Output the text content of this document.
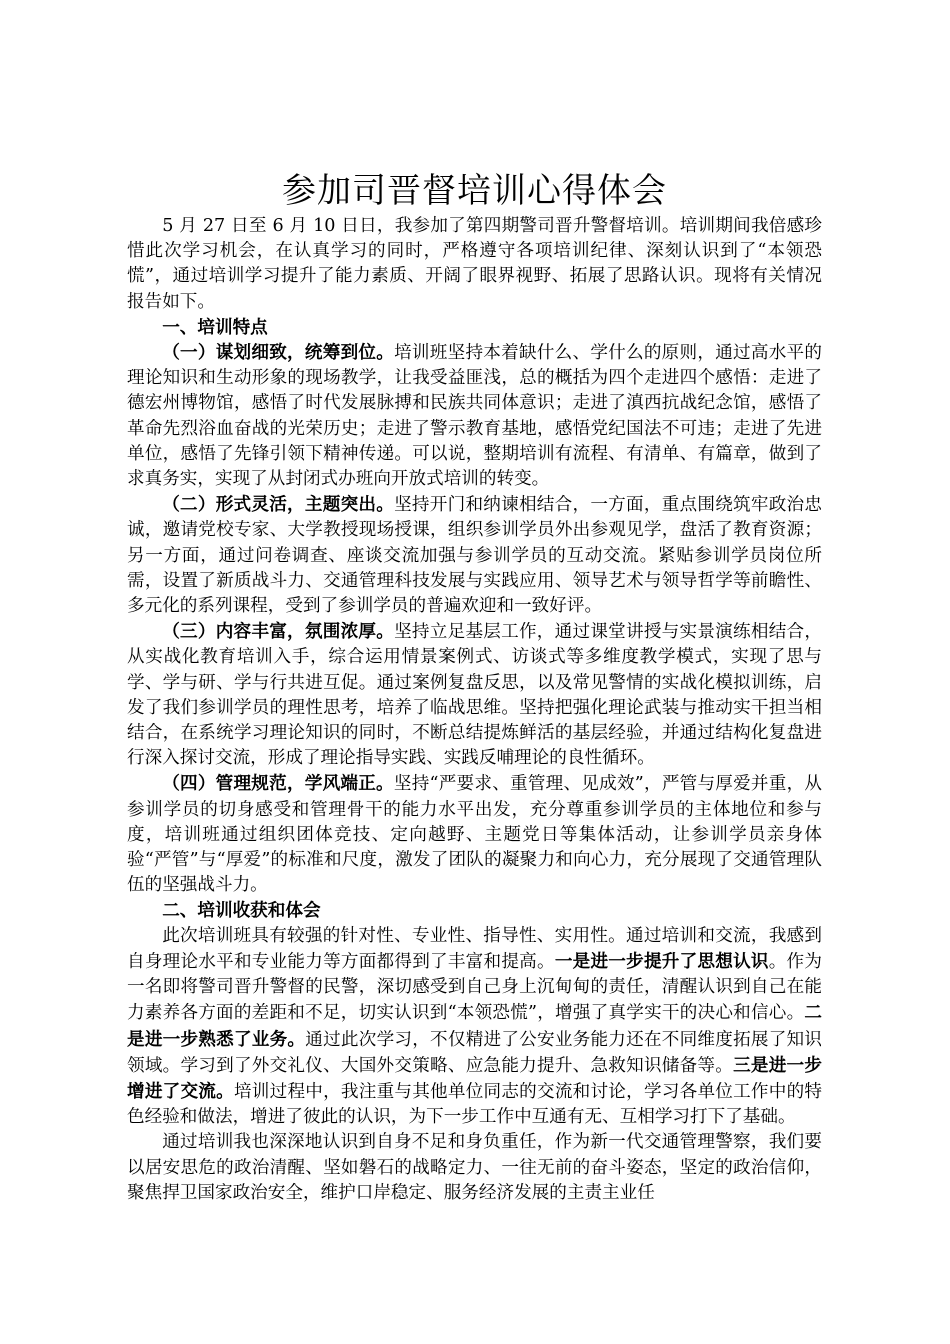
参加司晋督培训心得体会

5 月 27 日至 6 月 10 日日，我参加了第四期警司晋升警督培训。培训期间我倍感珍惜此次学习机会，在认真学习的同时，严格遵守各项培训纪律、深刻认识到了“本领恐慌”，通过培训学习提升了能力素质、开阔了眼界视野、拓展了思路认识。现将有关情况报告如下。

一、培训特点

（一）谋划细致，统筹到位。培训班坚持本着缺什么、学什么的原则，通过高水平的理论知识和生动形象的现场教学，让我受益匪浅，总的概括为四个走进四个感悟：走进了德宏州博物馆，感悟了时代发展脉搏和民族共同体意识；走进了滇西抗战纪念馆，感悟了革命先烈浴血奋战的光荣历史；走进了警示教育基地，感悟党纪国法不可违；走进了先进单位，感悟了先锋引领下精神传递。可以说，整期培训有流程、有清单、有篇章，做到了求真务实，实现了从封闭式办班向开放式培训的转变。

（二）形式灵活，主题突出。坚持开门和纳谏相结合，一方面，重点围绕筑牢政治忠诚，邀请党校专家、大学教授现场授课，组织参训学员外出参观见学，盘活了教育资源；另一方面，通过问卷调查、座谈交流加强与参训学员的互动交流。紧贴参训学员岗位所需，设置了新质战斗力、交通管理科技发展与实践应用、领导艺术与领导哲学等前瞻性、多元化的系列课程，受到了参训学员的普遍欢迎和一致好评。

（三）内容丰富，氛围浓厚。坚持立足基层工作，通过课堂讲授与实景演练相结合，从实战化教育培训入手，综合运用情景案例式、访谈式等多维度教学模式，实现了思与学、学与研、学与行共进互促。通过案例复盘反思，以及常见警情的实战化模拟训练，启发了我们参训学员的理性思考，培养了临战思维。坚持把强化理论武装与推动实干担当相结合，在系统学习理论知识的同时，不断总结提炼鲜活的基层经验，并通过结构化复盘进行深入探讨交流，形成了理论指导实践、实践反哺理论的良性循环。

（四）管理规范，学风端正。坚持“严要求、重管理、见成效”，严管与厚爱并重，从参训学员的切身感受和管理骨干的能力水平出发，充分尊重参训学员的主体地位和参与度，培训班通过组织团体竞技、定向越野、主题党日等集体活动，让参训学员亲身体验“严管”与“厚爱”的标准和尺度，激发了团队的凝聚力和向心力，充分展现了交通管理队伍的坚强战斗力。

二、培训收获和体会

此次培训班具有较强的针对性、专业性、指导性、实用性。通过培训和交流，我感到自身理论水平和专业能力等方面都得到了丰富和提高。一是进一步提升了思想认识。作为一名即将警司晋升警督的民警，深切感受到自己身上沉甸甸的责任，清醒认识到自己在能力素养各方面的差距和不足，切实认识到“本领恐慌”，增强了真学实干的决心和信心。二是进一步熟悉了业务。通过此次学习，不仅精进了公安业务能力还在不同维度拓展了知识领域。学习到了外交礼仪、大国外交策略、应急能力提升、急救知识储备等。三是进一步增进了交流。培训过程中，我注重与其他单位同志的交流和讨论，学习各单位工作中的特色经验和做法，增进了彼此的认识，为下一步工作中互通有无、互相学习打下了基础。

通过培训我也深深地认识到自身不足和身负重任，作为新一代交通管理警察，我们要以居安思危的政治清醒、坚如磐石的战略定力、一往无前的奋斗姿态，坚定的政治信仰，聚焦捍卫国家政治安全，维护口岸稳定、服务经济发展的主责主业任
